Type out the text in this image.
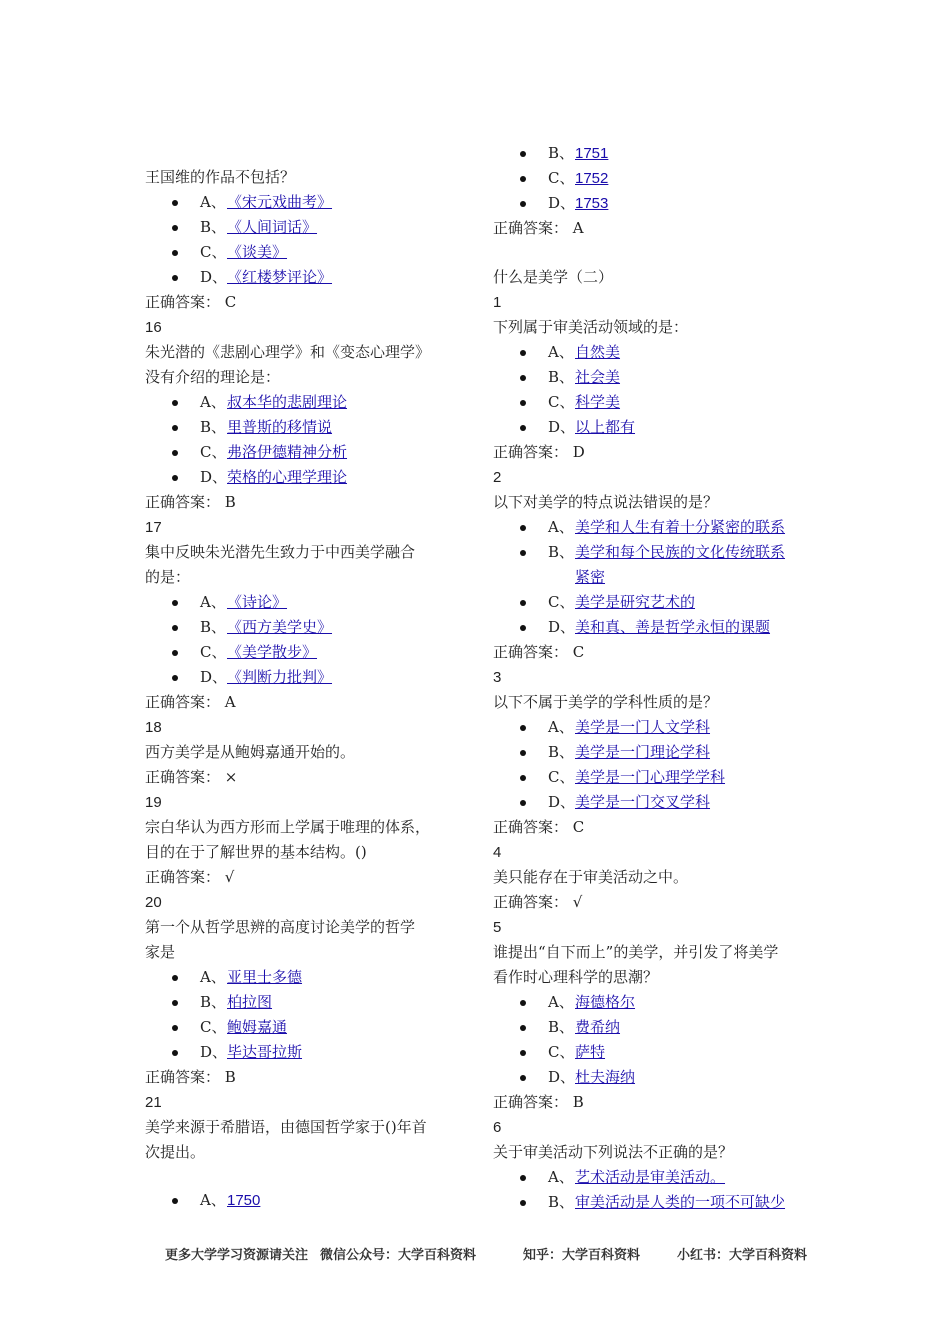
王国维的作品不包括？
A、 《宋元戏曲考》
B、 《人间词话》
C、 《谈美》
D、 《红楼梦评论》
正确答案： C
16
朱光潜的《悲剧心理学》和《变态心理学》
没有介绍的理论是：
A、 叔本华的悲剧理论
B、 里普斯的移情说
C、 弗洛伊德精神分析
D、 荣格的心理学理论
正确答案： B
17
集中反映朱光潜先生致力于中西美学融合
的是：
A、 《诗论》
B、 《西方美学史》
C、 《美学散步》
D、 《判断力批判》
正确答案： A
18
西方美学是从鲍姆嘉通开始的。
正确答案： ×
19
宗白华认为西方形而上学属于唯理的体系，
目的在于了解世界的基本结构。()
正确答案： √
20
第一个从哲学思辨的高度讨论美学的哲学
家是
A、 亚里士多德
B、 柏拉图
C、 鲍姆嘉通
D、 毕达哥拉斯
正确答案： B
21
美学来源于希腊语，由德国哲学家于()年首
次提出。
A、 1750
B、 1751
C、 1752
D、 1753
正确答案： A
什么是美学（二）
1
下列属于审美活动领域的是：
A、 自然美
B、 社会美
C、 科学美
D、 以上都有
正确答案： D
2
以下对美学的特点说法错误的是？
A、 美学和人生有着十分紧密的联系
B、 美学和每个民族的文化传统联系
紧密
C、 美学是研究艺术的
D、 美和真、善是哲学永恒的课题
正确答案： C
3
以下不属于美学的学科性质的是？
A、 美学是一门人文学科
B、 美学是一门理论学科
C、 美学是一门心理学学科
D、 美学是一门交叉学科
正确答案： C
4
美只能存在于审美活动之中。
正确答案： √
5
谁提出“自下而上”的美学，并引发了将美学
看作时心理科学的思潮？
A、 海德格尔
B、 费希纳
C、 萨特
D、 杜夫海纳
正确答案： B
6
关于审美活动下列说法不正确的是？
A、 艺术活动是审美活动。
B、 审美活动是人类的一项不可缺少
更多大学学习资源请关注 微信公众号：大学百科资料	知乎：大学百科资料	小红书：大学百科资料
